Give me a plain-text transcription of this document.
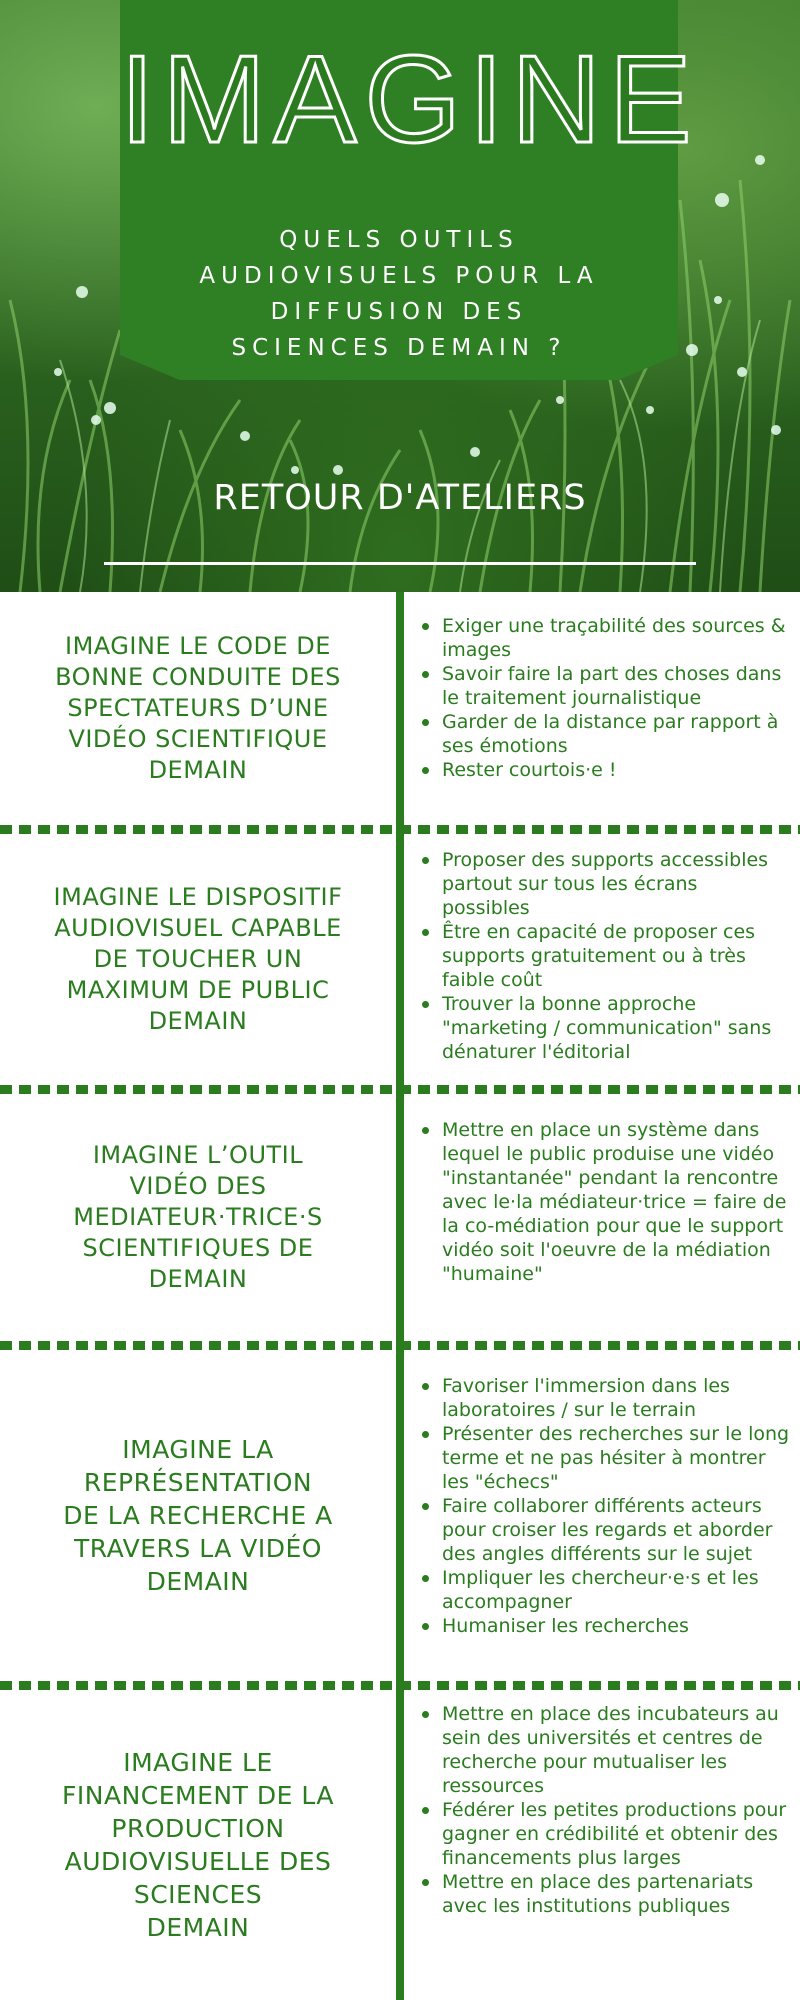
IMAGINE

QUELS OUTILS
AUDIOVISUELS POUR LA
DIFFUSION DES
SCIENCES DEMAIN ?

RETOUR D'ATELIERS
IMAGINE LE CODE DE
BONNE CONDUITE DES
SPECTATEURS D’UNE
VIDÉO SCIENTIFIQUE
DEMAIN
Exiger une traçabilité des sources & images
Savoir faire la part des choses dans le traitement journalistique
Garder de la distance par rapport à ses émotions
Rester courtois·e !
IMAGINE LE DISPOSITIF
AUDIOVISUEL CAPABLE
DE TOUCHER UN
MAXIMUM DE PUBLIC
DEMAIN
Proposer des supports accessibles partout sur tous les écrans possibles
Être en capacité de proposer ces supports gratuitement ou à très faible coût
Trouver la bonne approche "marketing / communication" sans dénaturer l'éditorial
IMAGINE L’OUTIL
VIDÉO DES
MEDIATEUR·TRICE·S
SCIENTIFIQUES DE
DEMAIN
Mettre en place un système dans lequel le public produise une vidéo "instantanée" pendant la rencontre avec le·la médiateur·trice = faire de la co-médiation pour que le support vidéo soit l'oeuvre de la médiation "humaine"
IMAGINE LA
REPRÉSENTATION
DE LA RECHERCHE A
TRAVERS LA VIDÉO
DEMAIN
Favoriser l'immersion dans les laboratoires / sur le terrain
Présenter des recherches sur le long terme et ne pas hésiter à montrer les "échecs"
Faire collaborer différents acteurs pour croiser les regards et aborder des angles différents sur le sujet
Impliquer les chercheur·e·s et les accompagner
Humaniser les recherches
IMAGINE LE
FINANCEMENT DE LA
PRODUCTION
AUDIOVISUELLE DES
SCIENCES
DEMAIN
Mettre en place des incubateurs au sein des universités et centres de recherche pour mutualiser les ressources
Fédérer les petites productions pour gagner en crédibilité et obtenir des financements plus larges
Mettre en place des partenariats avec les institutions publiques
